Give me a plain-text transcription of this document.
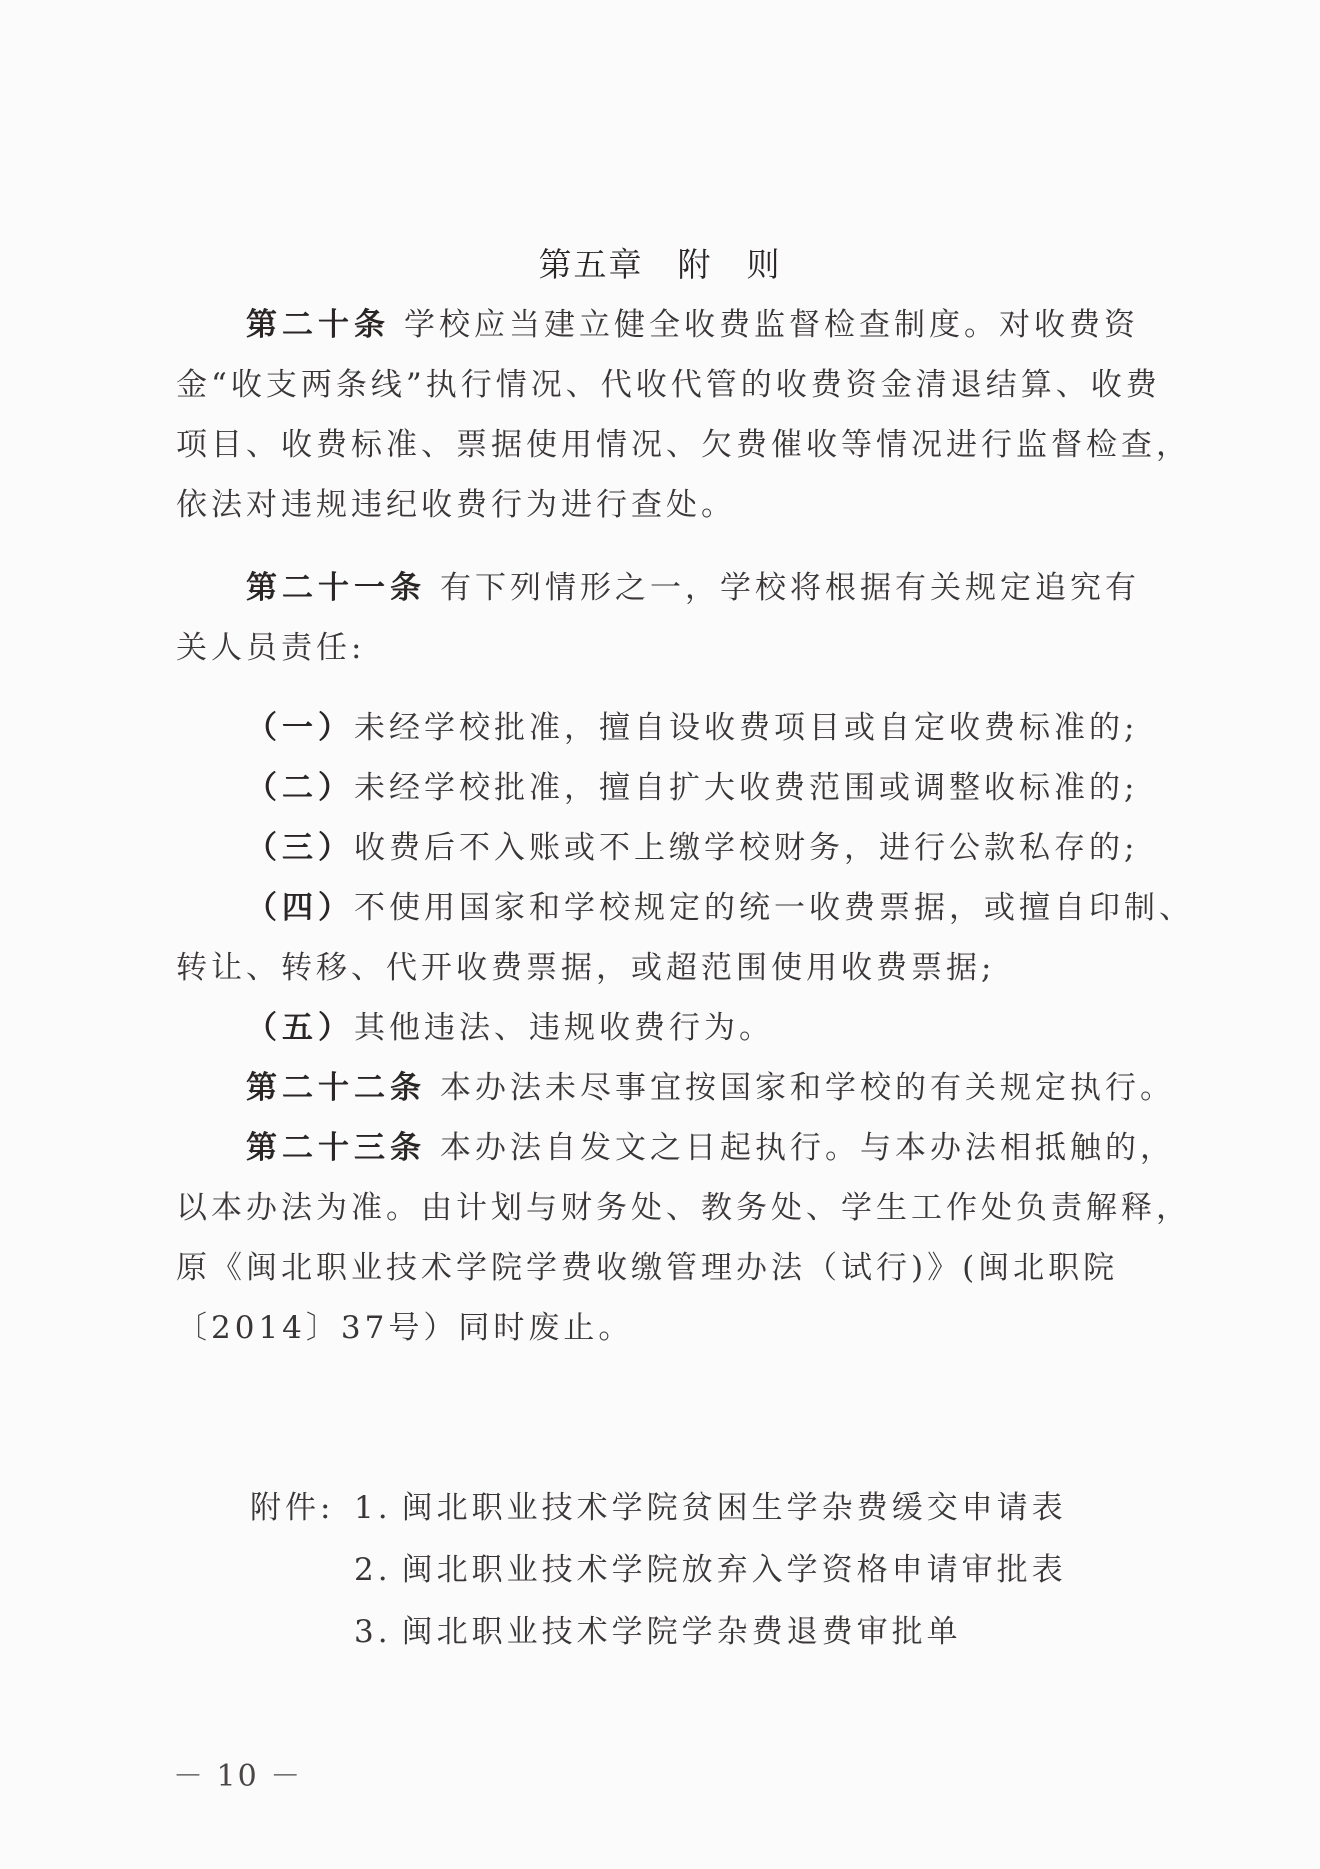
第五章 附 则
第二十条 学校应当建立健全收费监督检查制度。对收费资
金“收支两条线”执行情况、代收代管的收费资金清退结算、收费
项目、收费标准、票据使用情况、欠费催收等情况进行监督检查，
依法对违规违纪收费行为进行查处。
第二十一条 有下列情形之一，学校将根据有关规定追究有
关人员责任:
（一）未经学校批准，擅自设收费项目或自定收费标准的;
（二）未经学校批准，擅自扩大收费范围或调整收标准的;
（三）收费后不入账或不上缴学校财务，进行公款私存的;
（四）不使用国家和学校规定的统一收费票据，或擅自印制、
转让、转移、代开收费票据，或超范围使用收费票据;
（五）其他违法、违规收费行为。
第二十二条 本办法未尽事宜按国家和学校的有关规定执行。
第二十三条 本办法自发文之日起执行。与本办法相抵触的，
以本办法为准。由计划与财务处、教务处、学生工作处负责解释，
原《闽北职业技术学院学费收缴管理办法（试行)》(闽北职院
〔2014〕37号）同时废止。
附件: 1. 闽北职业技术学院贫困生学杂费缓交申请表
2. 闽北职业技术学院放弃入学资格申请审批表
3. 闽北职业技术学院学杂费退费审批单
－ 10 －
